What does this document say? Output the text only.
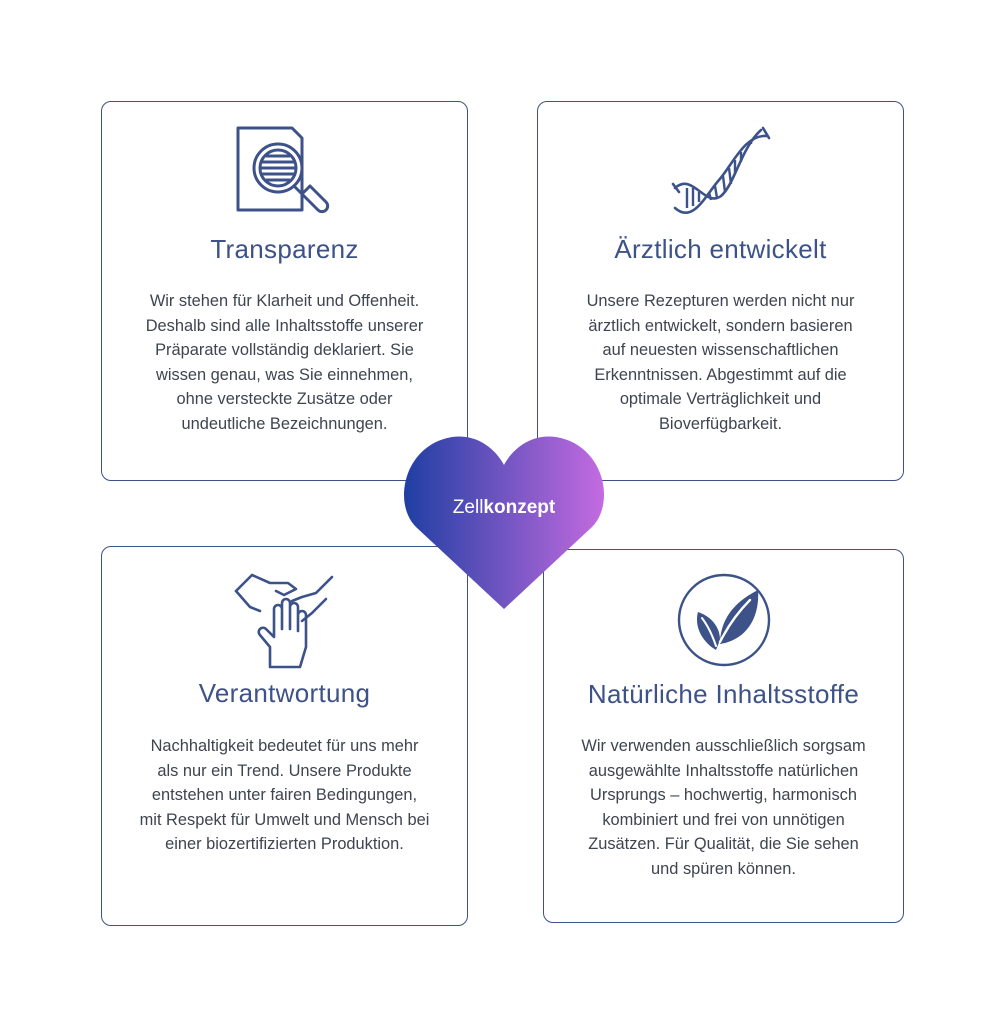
Transparenz
Wir stehen für Klarheit und Offenheit.
Deshalb sind alle Inhaltsstoffe unserer
Präparate vollständig deklariert. Sie
wissen genau, was Sie einnehmen,
ohne versteckte Zusätze oder
undeutliche Bezeichnungen.
Ärztlich entwickelt
Unsere Rezepturen werden nicht nur
ärztlich entwickelt, sondern basieren
auf neuesten wissenschaftlichen
Erkenntnissen. Abgestimmt auf die
optimale Verträglichkeit und
Bioverfügbarkeit.
Verantwortung
Nachhaltigkeit bedeutet für uns mehr
als nur ein Trend. Unsere Produkte
entstehen unter fairen Bedingungen,
mit Respekt für Umwelt und Mensch bei
einer biozertifizierten Produktion.
Natürliche Inhaltsstoffe
Wir verwenden ausschließlich sorgsam
ausgewählte Inhaltsstoffe natürlichen
Ursprungs – hochwertig, harmonisch
kombiniert und frei von unnötigen
Zusätzen. Für Qualität, die Sie sehen
und spüren können.
Zellkonzept
